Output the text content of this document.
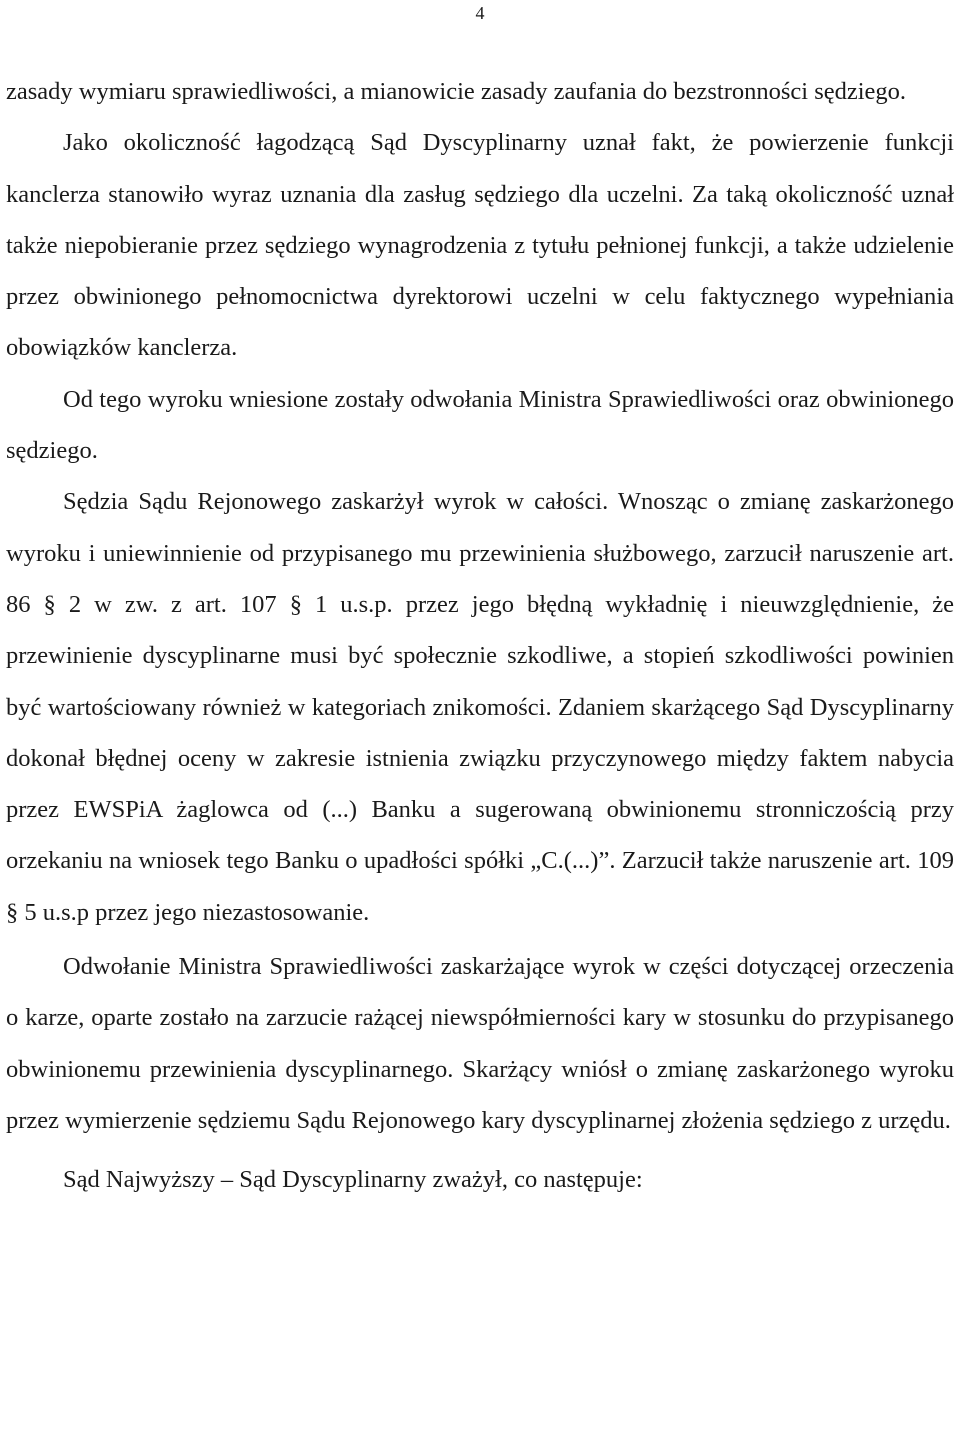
4

zasady wymiaru sprawiedliwości, a mianowicie zasady zaufania do bezstronności sędziego.

Jako okoliczność łagodzącą Sąd Dyscyplinarny uznał fakt, że powierzenie funkcji kanclerza stanowiło wyraz uznania dla zasług sędziego dla uczelni. Za taką okoliczność uznał także niepobieranie przez sędziego wynagrodzenia z tytułu pełnionej funkcji, a także udzielenie przez obwinionego pełnomocnictwa dyrektorowi uczelni w celu faktycznego wypełniania obowiązków kanclerza.

Od tego wyroku wniesione zostały odwołania Ministra Sprawiedliwości oraz obwinionego sędziego.

Sędzia Sądu Rejonowego zaskarżył wyrok w całości. Wnosząc o zmianę zaskarżonego wyroku i uniewinnienie od przypisanego mu przewinienia służbowego, zarzucił naruszenie art. 86 § 2 w zw. z art. 107 § 1 u.s.p. przez jego błędną wykładnię i nieuwzględnienie, że przewinienie dyscyplinarne musi być społecznie szkodliwe, a stopień szkodliwości powinien być wartościowany również w kategoriach znikomości. Zdaniem skarżącego Sąd Dyscyplinarny dokonał błędnej oceny w zakresie istnienia związku przyczynowego między faktem nabycia przez EWSPiA żaglowca od (...) Banku a sugerowaną obwinionemu stronniczością przy orzekaniu na wniosek tego Banku o upadłości spółki „C.(...)”. Zarzucił także naruszenie art. 109 § 5 u.s.p przez jego niezastosowanie.

Odwołanie Ministra Sprawiedliwości zaskarżające wyrok w części dotyczącej orzeczenia o karze, oparte zostało na zarzucie rażącej niewspółmierności kary w stosunku do przypisanego obwinionemu przewinienia dyscyplinarnego. Skarżący wniósł o zmianę zaskarżonego wyroku przez wymierzenie sędziemu Sądu Rejonowego kary dyscyplinarnej złożenia sędziego z urzędu.

Sąd Najwyższy – Sąd Dyscyplinarny zważył, co następuje:
